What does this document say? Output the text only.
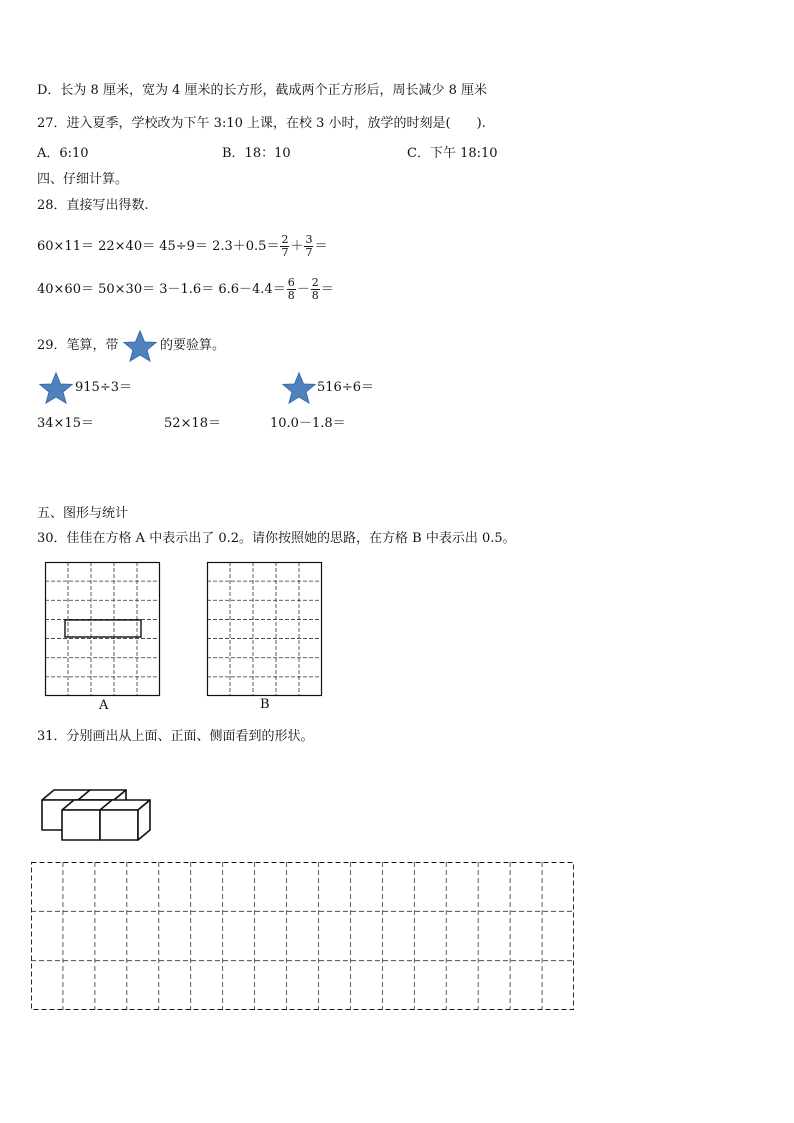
D．长为 8 厘米，宽为 4 厘米的长方形，截成两个正方形后，周长减少 8 厘米
27．进入夏季，学校改为下午 3:10 上课，在校 3 小时，放学的时刻是(　　).
A．6:10	B．18：10	C．下午 18:10
四、仔细计算。
28．直接写出得数.
$60\times 11= 22\times 40= 45\div 9= 2.3+0.5= \frac{2}{7} + \frac{3}{7}$ ＝
$40\times 60= 50\times 30= 3-1.6= 6.6-4.4= \frac{6}{8} - \frac{2}{8}$ ＝
29．笔算，带	的要验算。
915÷3＝	516÷6＝
34×15＝	52×18＝	10.0－1.8＝
五、图形与统计
30．佳佳在方格 A 中表示出了 0.2。请你按照她的思路，在方格 B 中表示出 0.5。
A	B
31．分别画出从上面、正面、侧面看到的形状。
